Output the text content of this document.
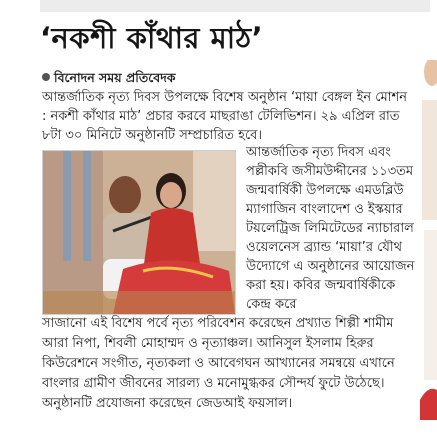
‘নকশী কাঁথার মাঠ’
বিনোদন সময় প্রতিবেদক

আন্তর্জাতিক নৃত্য দিবস উপলক্ষে বিশেষ অনুষ্ঠান ‘মায়া বেঙ্গল ইন মোশন : নকশী কাঁথার মাঠ’ প্রচার করবে মাছরাঙা টেলিভিশন। ২৯ এপ্রিল রাত ৮টা ৩০ মিনিটে অনুষ্ঠানটি সম্প্রচারিত হবে।

আন্তর্জাতিক নৃত্য দিবস এবং পল্লীকবি জসীমউদ্দীনের ১১৩তম জন্মবার্ষিকী উপলক্ষে এমডব্লিউ ম্যাগাজিন বাংলাদেশ ও ইস্কয়ার টয়লেট্রিজ লিমিটেডের ন্যাচারাল ওয়েলনেস ব্র্যান্ড ‘মায়া’র যৌথ উদ্যোগে এ অনুষ্ঠানের আয়োজন করা হয়। কবির জন্মবার্ষিকীকে কেন্দ্র করে

সাজানো এই বিশেষ পর্বে নৃত্য পরিবেশন করেছেন প্রখ্যাত শিল্পী শামীম আরা নিপা, শিবলী মোহাম্মদ ও নৃত্যাঞ্চল। আনিসুল ইসলাম হিরুর কিউরেশনে সংগীত, নৃত্যকলা ও আবেগঘন আখ্যানের সমন্বয়ে এখানে বাংলার গ্রামীণ জীবনের সারল্য ও মনোমুগ্ধকর সৌন্দর্য ফুটে উঠেছে। অনুষ্ঠানটি প্রযোজনা করেছেন জেডআই ফয়সাল।
